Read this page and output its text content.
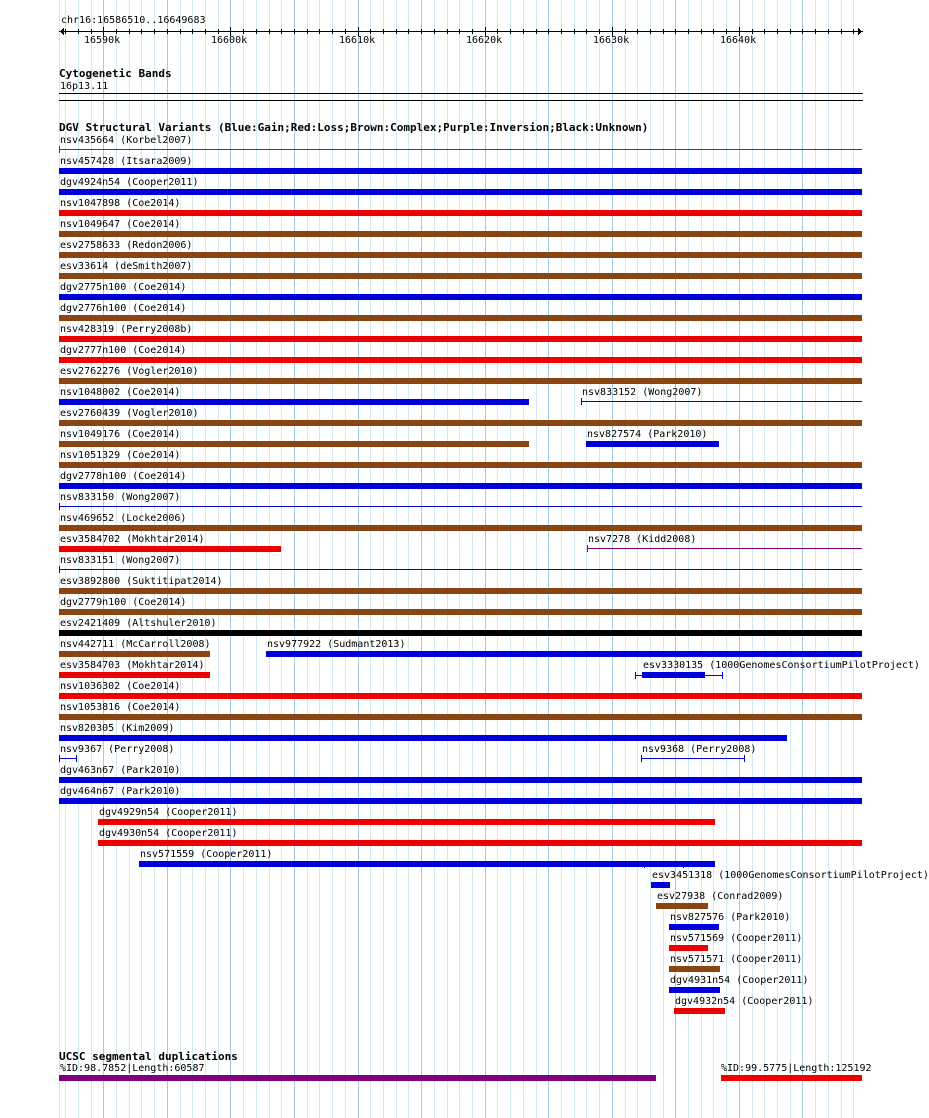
chr16:16586510..16649683
16590k	16600k	16610k	16620k	16630k	16640k
Cytogenetic Bands
16p13.11
DGV Structural Variants (Blue:Gain;Red:Loss;Brown:Complex;Purple:Inversion;Black:Unknown)
nsv435664 (Korbel2007)
nsv457428 (Itsara2009)
dgv4924n54 (Cooper2011)
nsv1047898 (Coe2014)
nsv1049647 (Coe2014)
esv2758633 (Redon2006)
esv33614 (deSmith2007)
dgv2775n100 (Coe2014)
dgv2776n100 (Coe2014)
nsv428319 (Perry2008b)
dgv2777n100 (Coe2014)
esv2762276 (Vogler2010)
nsv1048002 (Coe2014)	nsv833152 (Wong2007)
esv2760439 (Vogler2010)
nsv1049176 (Coe2014)	nsv827574 (Park2010)
nsv1051329 (Coe2014)
dgv2778n100 (Coe2014)
nsv833150 (Wong2007)
nsv469652 (Locke2006)
esv3584702 (Mokhtar2014)	nsv7278 (Kidd2008)
nsv833151 (Wong2007)
esv3892800 (Suktitipat2014)
dgv2779n100 (Coe2014)
esv2421409 (Altshuler2010)
nsv442711 (McCarroll2008)	nsv977922 (Sudmant2013)
esv3584703 (Mokhtar2014)	esv3330135 (1000GenomesConsortiumPilotProject)
nsv1036302 (Coe2014)
nsv1053816 (Coe2014)
nsv820305 (Kim2009)
nsv9367 (Perry2008)	nsv9368 (Perry2008)
dgv463n67 (Park2010)
dgv464n67 (Park2010)
dgv4929n54 (Cooper2011)
dgv4930n54 (Cooper2011)
nsv571559 (Cooper2011)
esv3451318 (1000GenomesConsortiumPilotProject)
esv27938 (Conrad2009)
nsv827576 (Park2010)
nsv571569 (Cooper2011)
nsv571571 (Cooper2011)
dgv4931n54 (Cooper2011)
dgv4932n54 (Cooper2011)
UCSC segmental duplications
%ID:98.7852|Length:60587	%ID:99.5775|Length:125192
